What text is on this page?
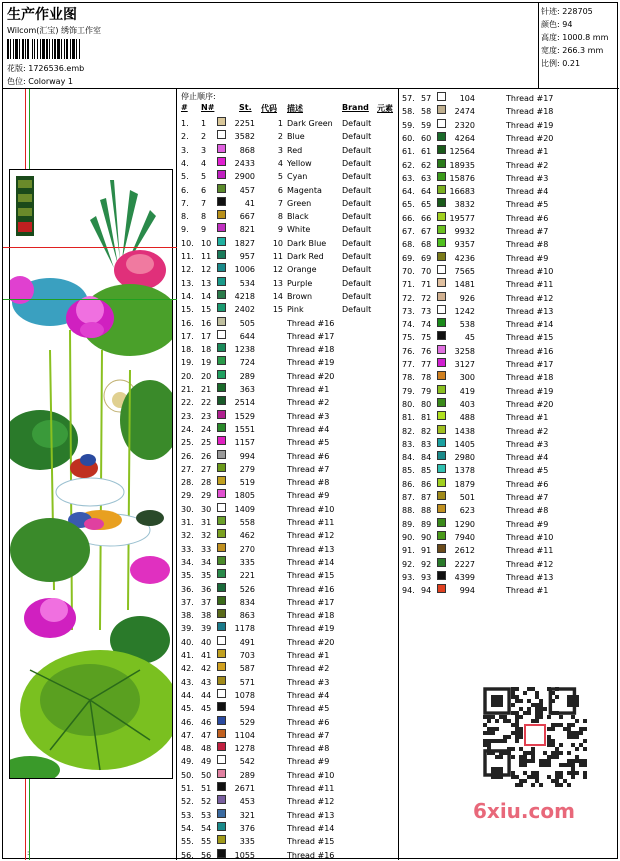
生产作业图
Wilcom(汇宝) 绣饰工作室
花版: 1726536.emb
色位: Colorway 1
针迹: 228705
颜色: 94
高度: 1000.8 mm
宽度: 266.3 mm
比例: 0.21
:
停止顺序:
# N#	St. 代码 描述	Brand 元素
1. 1	2251	1 Dark Green Default
2. 2	3582	2 Blue	Default
3. 3	868	3 Red	Default
4. 4	2433	4 Yellow	Default
5. 5	2900	5 Cyan	Default
6. 6	457	6 Magenta	Default
7. 7	41	7 Green	Default
8. 8	667	8 Black	Default
9. 9	821	9 White	Default
10. 10	1827 10 Dark Blue Default
11. 11	957 11 Dark Red Default
12. 12	1006 12 Orange	Default
13. 13	534 13 Purple	Default
14. 14	4218 14 Brown	Default
15. 15	2402 15 Pink	Default
16. 16	505	Thread #16
17. 17	644	Thread #17
18. 18	1238	Thread #18
19. 19	724	Thread #19
20. 20	289	Thread #20
21. 21	363	Thread #1
22. 22	2514	Thread #2
23. 23	1529	Thread #3
24. 24	1551	Thread #4
25. 25	1157	Thread #5
26. 26	994	Thread #6
27. 27	279	Thread #7
28. 28	519	Thread #8
29. 29	1805	Thread #9
30. 30	1409	Thread #10
31. 31	558	Thread #11
32. 32	462	Thread #12
33. 33	270	Thread #13
34. 34	335	Thread #14
35. 35	221	Thread #15
36. 36	526	Thread #16
37. 37	834	Thread #17
38. 38	863	Thread #18
39. 39	1178	Thread #19
40. 40	491	Thread #20
41. 41	703	Thread #1
42. 42	587	Thread #2
43. 43	571	Thread #3
44. 44	1078	Thread #4
45. 45	594	Thread #5
46. 46	529	Thread #6
47. 47	1104	Thread #7
48. 48	1278	Thread #8
49. 49	542	Thread #9
50. 50	289	Thread #10
51. 51	2671	Thread #11
52. 52	453	Thread #12
53. 53	321	Thread #13
54. 54	376	Thread #14
55. 55	335	Thread #15
56. 56	1055	Thread #16
57. 57	104	Thread #17
58. 58	2474	Thread #18
59. 59	2320	Thread #19
60. 60	4264	Thread #20
61. 61 12564	Thread #1
62. 62 18935	Thread #2
63. 63 15876	Thread #3
64. 64 16683	Thread #4
65. 65	3832	Thread #5
66. 66 19577	Thread #6
67. 67	9932	Thread #7
68. 68	9357	Thread #8
69. 69	4236	Thread #9
70. 70	7565	Thread #10
71. 71	1481	Thread #11
72. 72	926	Thread #12
73. 73	1242	Thread #13
74. 74	538	Thread #14
75. 75	45	Thread #15
76. 76	3258	Thread #16
77. 77	3127	Thread #17
78. 78	300	Thread #18
79. 79	419	Thread #19
80. 80	403	Thread #20
81. 81	488	Thread #1
82. 82	1438	Thread #2
83. 83	1405	Thread #3
84. 84	2980	Thread #4
85. 85	1378	Thread #5
86. 86	1879	Thread #6
87. 87	501	Thread #7
88. 88	623	Thread #8
89. 89	1290	Thread #9
90. 90	7940	Thread #10
91. 91	2612	Thread #11
92. 92	2227	Thread #12
93. 93	4399	Thread #13
94. 94	994	Thread #1
6xiu.com
